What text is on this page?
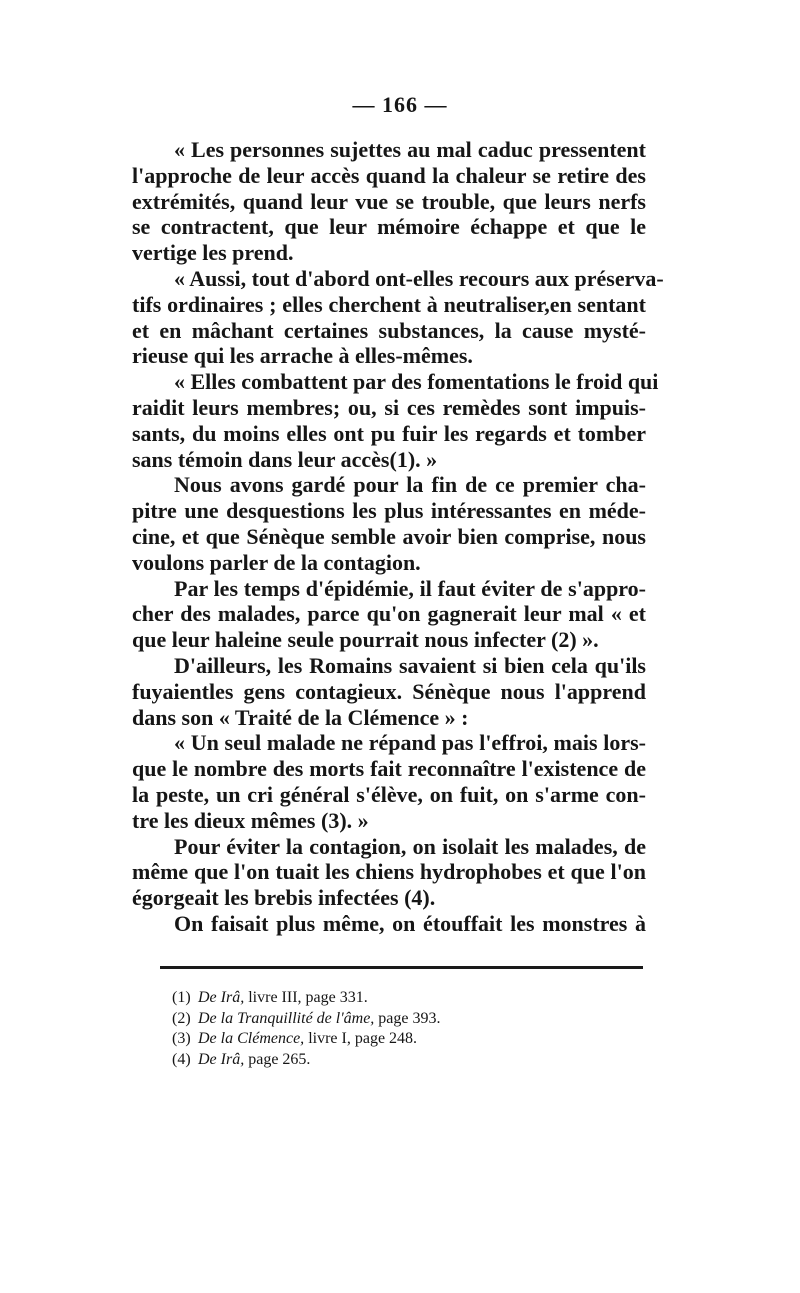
— 166 —
« Les personnes sujettes au mal caduc pressentent
l'approche de leur accès quand la chaleur se retire des
extrémités, quand leur vue se trouble, que leurs nerfs
se contractent, que leur mémoire échappe et que le
vertige les prend.
« Aussi, tout d'abord ont-elles recours aux préserva-
tifs ordinaires ; elles cherchent à neutraliser,en sentant
et en mâchant certaines substances, la cause mysté-
rieuse qui les arrache à elles-mêmes.
« Elles combattent par des fomentations le froid qui
raidit leurs membres; ou, si ces remèdes sont impuis-
sants, du moins elles ont pu fuir les regards et tomber
sans témoin dans leur accès(1). »
Nous avons gardé pour la fin de ce premier cha-
pitre une desquestions les plus intéressantes en méde-
cine, et que Sénèque semble avoir bien comprise, nous
voulons parler de la contagion.
Par les temps d'épidémie, il faut éviter de s'appro-
cher des malades, parce qu'on gagnerait leur mal « et
que leur haleine seule pourrait nous infecter (2) ».
D'ailleurs, les Romains savaient si bien cela qu'ils
fuyaientles gens contagieux. Sénèque nous l'apprend
dans son « Traité de la Clémence » :
« Un seul malade ne répand pas l'effroi, mais lors-
que le nombre des morts fait reconnaître l'existence de
la peste, un cri général s'élève, on fuit, on s'arme con-
tre les dieux mêmes (3). »
Pour éviter la contagion, on isolait les malades, de
même que l'on tuait les chiens hydrophobes et que l'on
égorgeait les brebis infectées (4).
On faisait plus même, on étouffait les monstres à
(1) De Irâ, livre III, page 331.
(2) De la Tranquillité de l'âme, page 393.
(3) De la Clémence, livre I, page 248.
(4) De Irâ, page 265.
